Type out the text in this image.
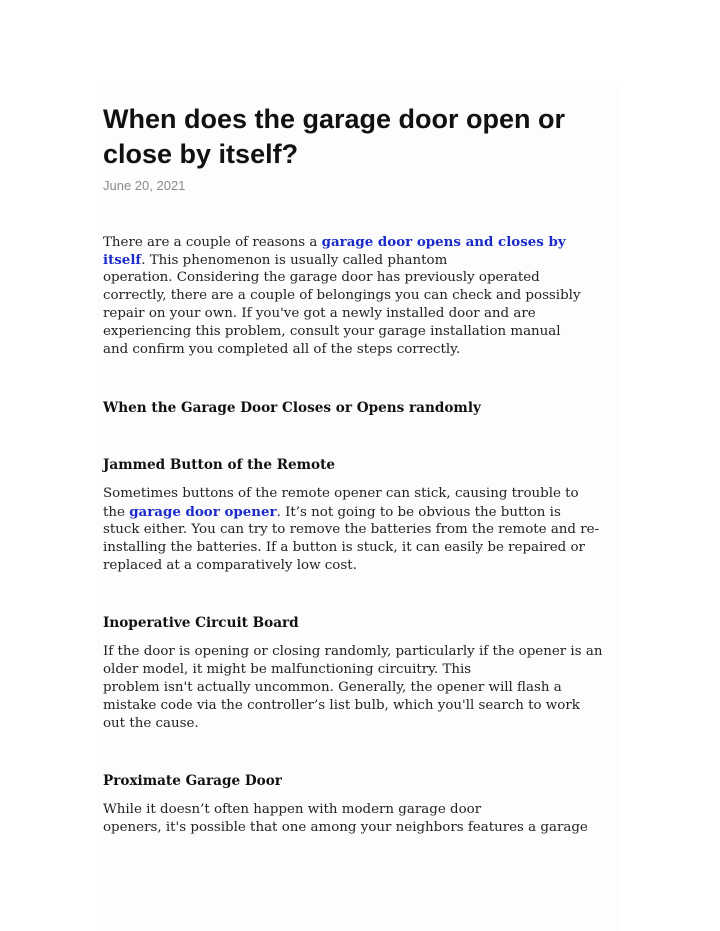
When does the garage door open or close by itself?

June 20, 2021

There are a couple of reasons a garage door opens and closes by
itself. This phenomenon is usually called phantom
operation. Considering the garage door has previously operated
correctly, there are a couple of belongings you can check and possibly
repair on your own. If you've got a newly installed door and are
experiencing this problem, consult your garage installation manual
and confirm you completed all of the steps correctly.
When the Garage Door Closes or Opens randomly
Jammed Button of the Remote
Sometimes buttons of the remote opener can stick, causing trouble to
the garage door opener. It’s not going to be obvious the button is
stuck either. You can try to remove the batteries from the remote and re-
installing the batteries. If a button is stuck, it can easily be repaired or
replaced at a comparatively low cost.
Inoperative Circuit Board
If the door is opening or closing randomly, particularly if the opener is an
older model, it might be malfunctioning circuitry. This
problem isn't actually uncommon. Generally, the opener will flash a
mistake code via the controller’s list bulb, which you'll search to work
out the cause.
Proximate Garage Door
While it doesn’t often happen with modern garage door
openers, it's possible that one among your neighbors features a garage
